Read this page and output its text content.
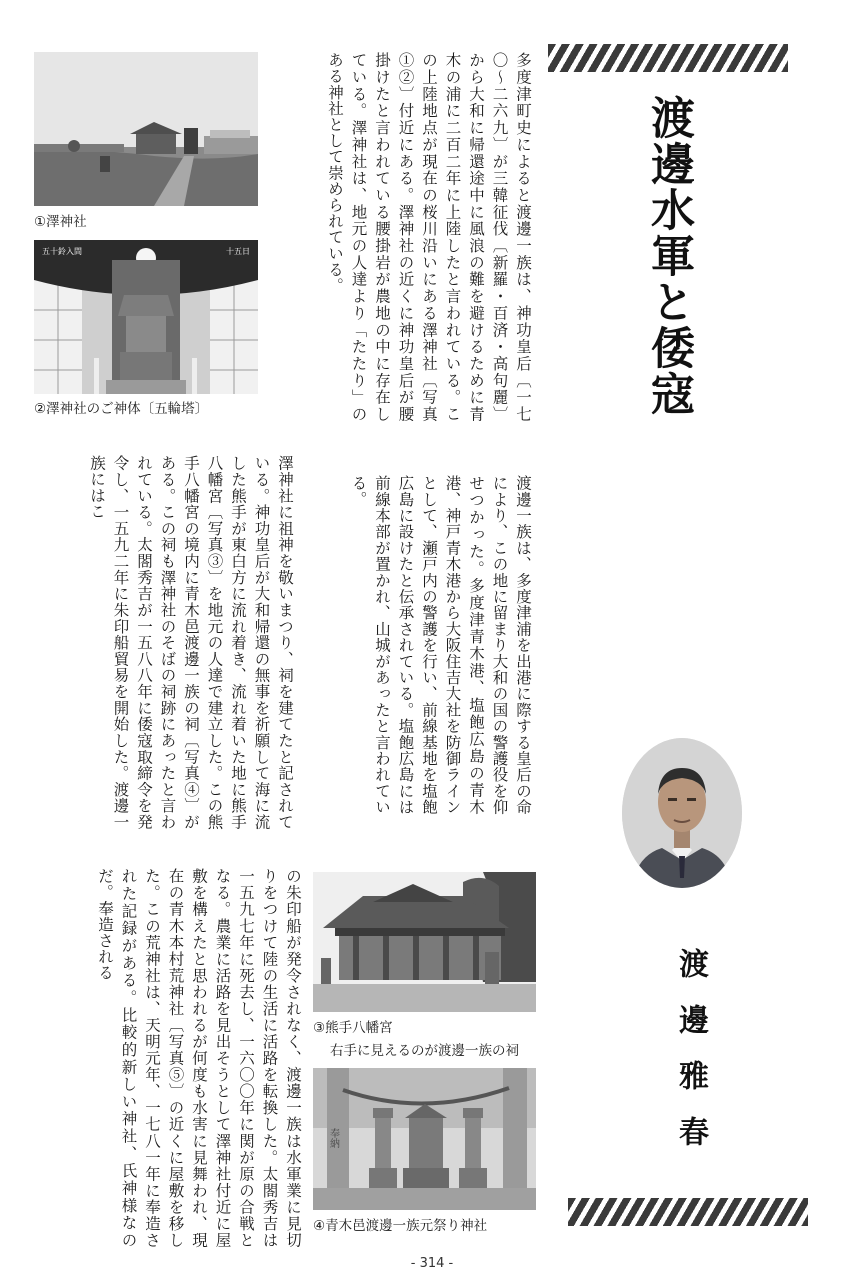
渡邊水軍と倭寇
渡邊雅春
多度津町史によると渡邊一族は、神功皇后〔一七〇～二六九〕が三韓征伐〔新羅・百済・高句麗〕から大和に帰還途中に風浪の難を避けるために青木の浦に二百二年に上陸したと言われている。この上陸地点が現在の桜川沿いにある澤神社〔写真①②〕付近にある。澤神社の近くに神功皇后が腰掛けたと言われている腰掛岩が農地の中に存在している。澤神社は、地元の人達より「たたり」のある神社として崇められている。
渡邊一族は、多度津浦を出港に際する皇后の命により、この地に留まり大和の国の警護役を仰せつかった。多度津青木港、塩飽広島の青木港、神戸青木港から大阪住吉大社を防御ラインとして、瀬戸内の警護を行い、前線基地を塩飽広島に設けたと伝承されている。塩飽広島には前線本部が置かれ、山城があったと言われている。
澤神社に祖神を敬いまつり、祠を建てたと記されている。神功皇后が大和帰還の無事を祈願して海に流した熊手が東白方に流れ着き、流れ着いた地に熊手八幡宮〔写真③〕を地元の人達で建立した。この熊手八幡宮の境内に青木邑渡邊一族の祠〔写真④〕がある。この祠も澤神社のそばの祠跡にあったと言われている。太閤秀吉が一五八八年に倭寇取締令を発令し、一五九二年に朱印船貿易を開始した。渡邊一族にはこ
の朱印船が発令されなく、渡邊一族は水軍業に見切りをつけて陸の生活に活路を転換した。太閤秀吉は一五九七年に死去し、一六〇〇年に関が原の合戦となる。農業に活路を見出そうとして澤神社付近に屋敷を構えたと思われるが何度も水害に見舞われ、現在の青木本村荒神社〔写真⑤〕の近くに屋敷を移した。この荒神社は、天明元年、一七八一年に奉造された記録がある。比較的新しい神社、氏神様なのだ。奉造される
①澤神社
五十鈴入間	十五日
②澤神社のご神体〔五輪塔〕
③熊手八幡宮
右手に見えるのが渡邊一族の祠
奉納
④青木邑渡邊一族元祭り神社
- 314 -
